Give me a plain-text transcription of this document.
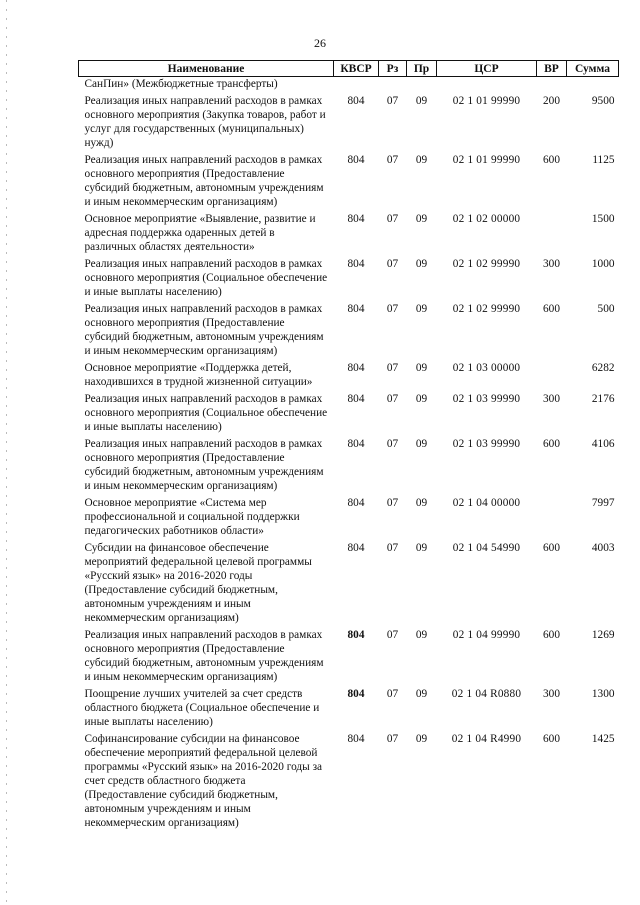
26
Наименование	КВСР	Рз	Пр	ЦСР	ВР	Сумма
СанПин» (Межбюджетные трансферты)						
Реализация иных направлений расходов в рамках основного мероприятия (Закупка товаров, работ и услуг для государственных (муниципальных) нужд)	804	07	09	02 1 01 99990	200	9500
Реализация иных направлений расходов в рамках основного мероприятия (Предоставление субсидий бюджетным, автономным учреждениям и иным некоммерческим организациям)	804	07	09	02 1 01 99990	600	1125
Основное мероприятие «Выявление, развитие и адресная поддержка одаренных детей в различных областях деятельности»	804	07	09	02 1 02 00000		1500
Реализация иных направлений расходов в рамках основного мероприятия (Социальное обеспечение и иные выплаты населению)	804	07	09	02 1 02 99990	300	1000
Реализация иных направлений расходов в рамках основного мероприятия (Предоставление субсидий бюджетным, автономным учреждениям и иным некоммерческим организациям)	804	07	09	02 1 02 99990	600	500
Основное мероприятие «Поддержка детей, находившихся в трудной жизненной ситуации»	804	07	09	02 1 03 00000		6282
Реализация иных направлений расходов в рамках основного мероприятия (Социальное обеспечение и иные выплаты населению)	804	07	09	02 1 03 99990	300	2176
Реализация иных направлений расходов в рамках основного мероприятия (Предоставление субсидий бюджетным, автономным учреждениям и иным некоммерческим организациям)	804	07	09	02 1 03 99990	600	4106
Основное мероприятие «Система мер профессиональной и социальной поддержки педагогических работников области»	804	07	09	02 1 04 00000		7997
Субсидии на финансовое обеспечение мероприятий федеральной целевой программы «Русский язык» на 2016-2020 годы (Предоставление субсидий бюджетным, автономным учреждениям и иным некоммерческим организациям)	804	07	09	02 1 04 54990	600	4003
Реализация иных направлений расходов в рамках основного мероприятия (Предоставление субсидий бюджетным, автономным учреждениям и иным некоммерческим организациям)	804	07	09	02 1 04 99990	600	1269
Поощрение лучших учителей за счет средств областного бюджета (Социальное обеспечение и иные выплаты населению)	804	07	09	02 1 04 R0880	300	1300
Софинансирование субсидии на финансовое обеспечение мероприятий федеральной целевой программы «Русский язык» на 2016-2020 годы за счет средств областного бюджета (Предоставление субсидий бюджетным, автономным учреждениям и иным некоммерческим организациям)	804	07	09	02 1 04 R4990	600	1425
